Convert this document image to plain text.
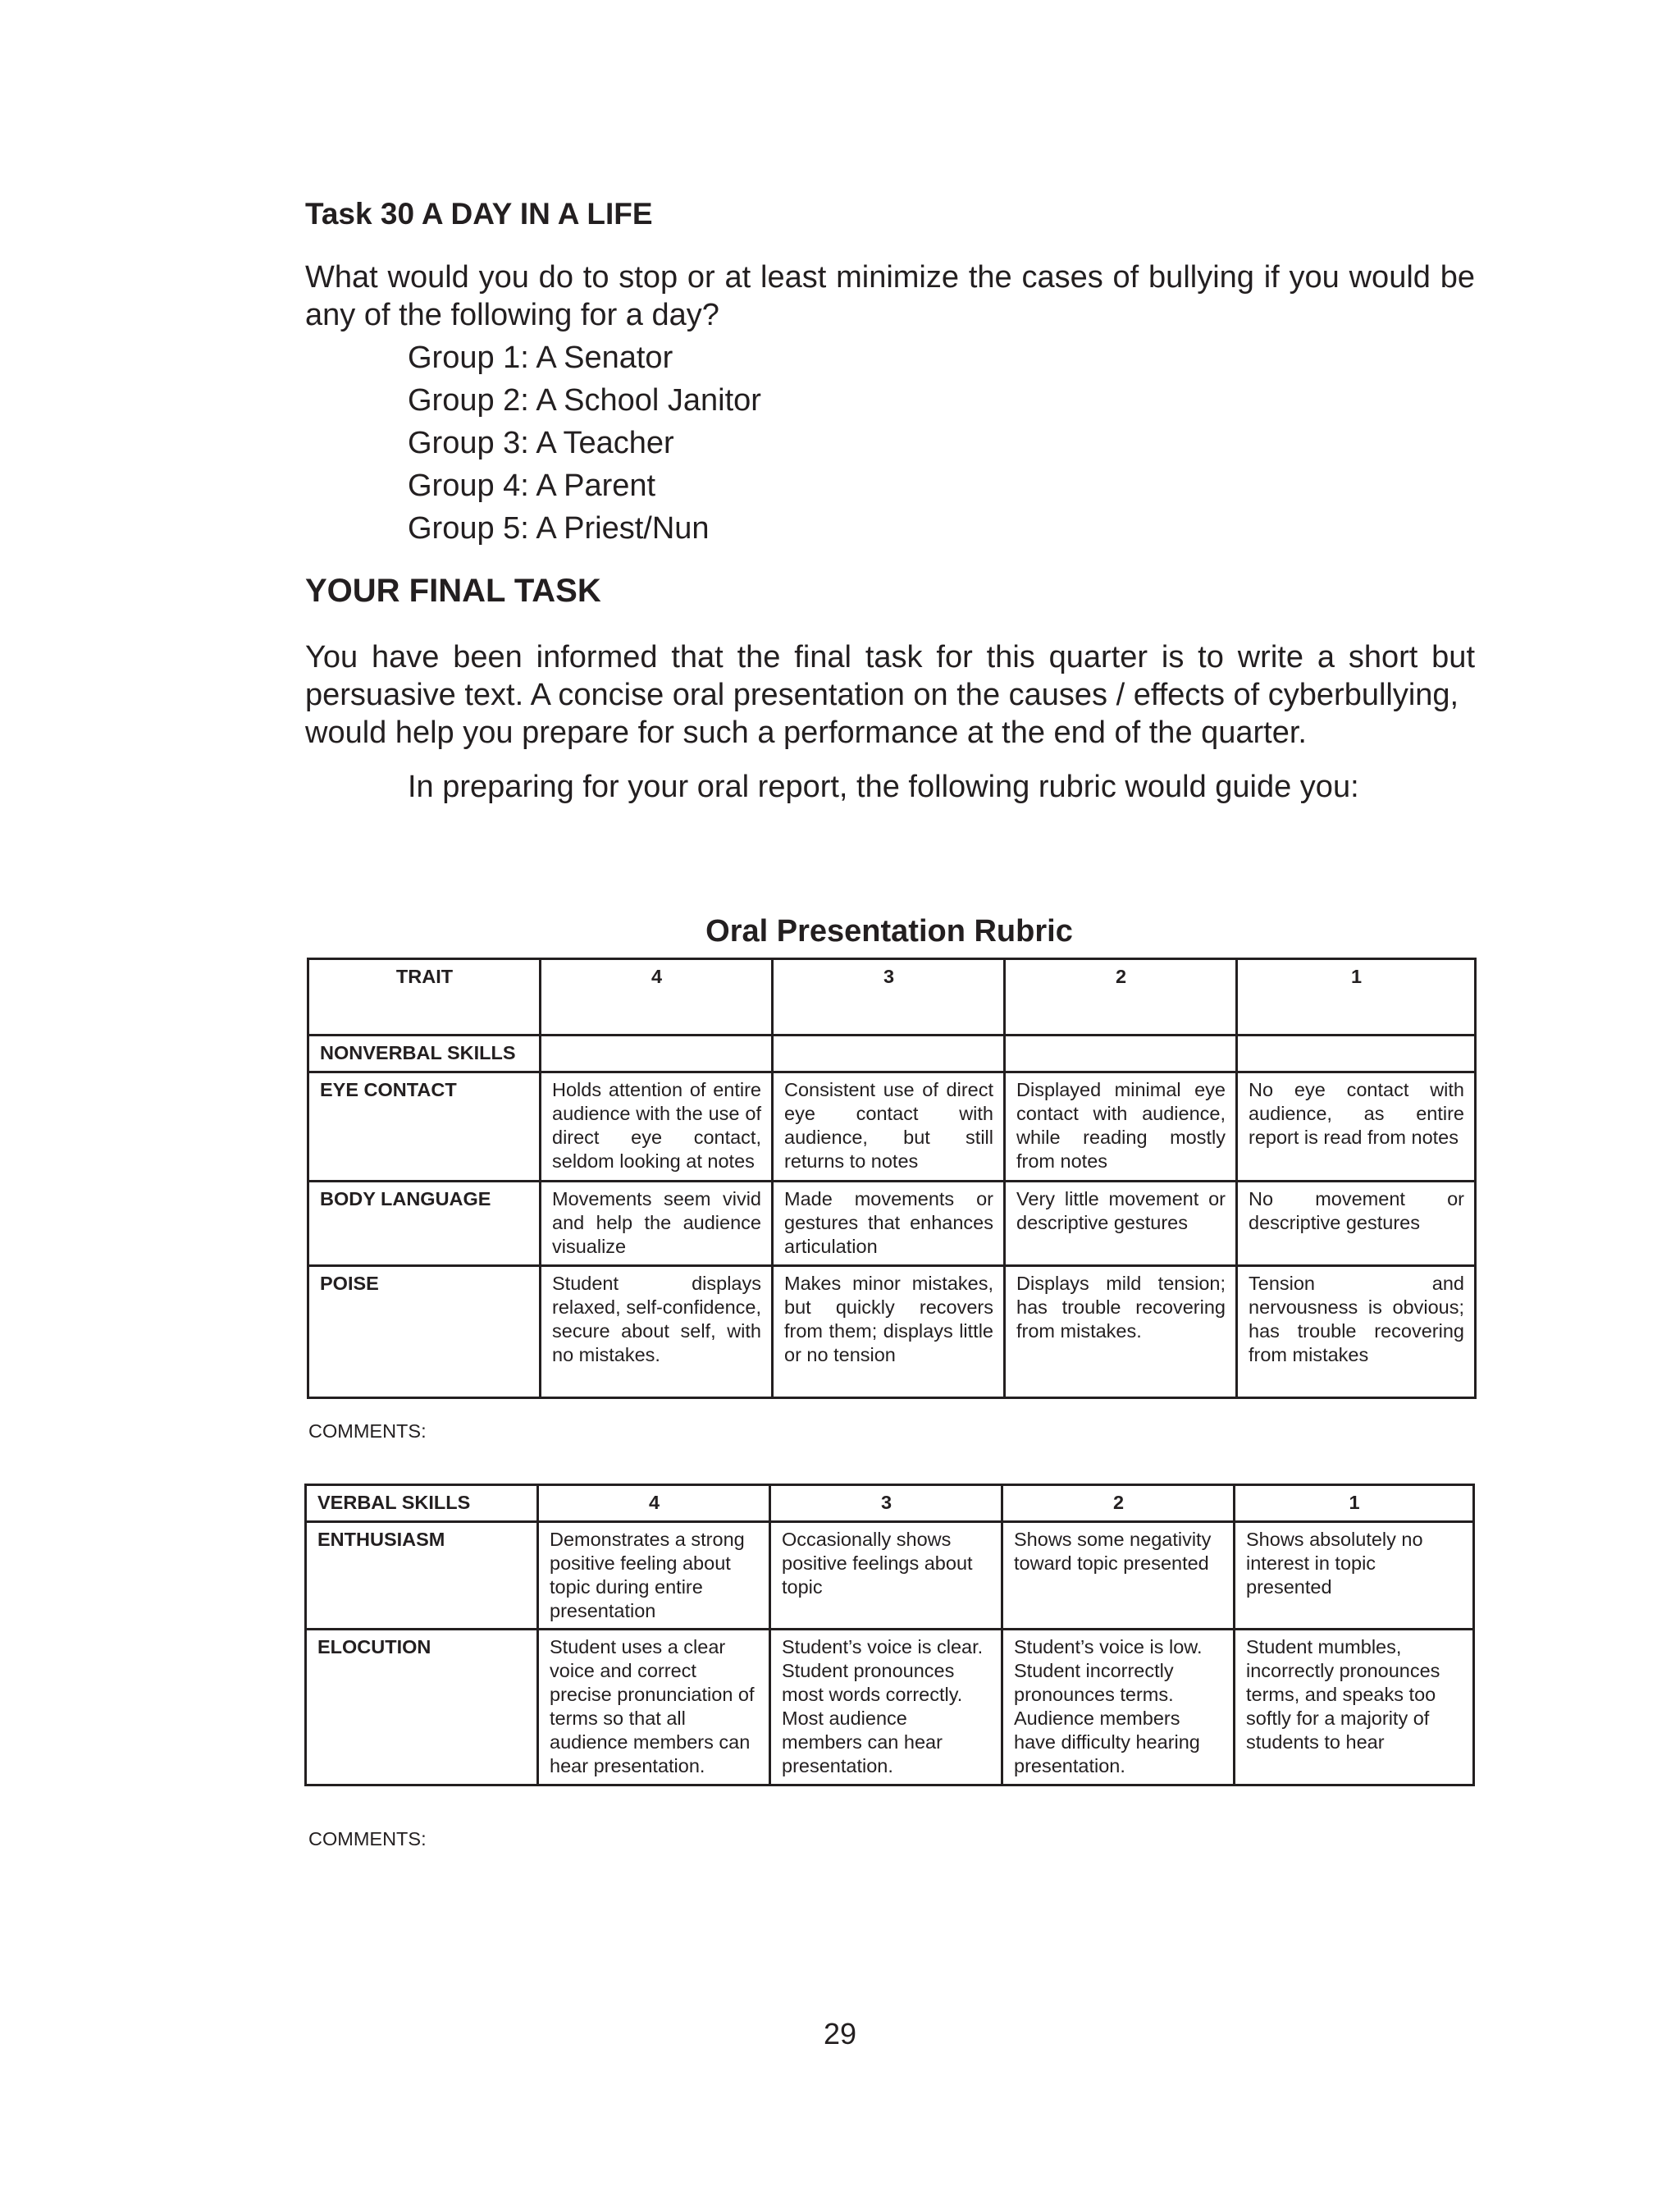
Task 30 A DAY IN A LIFE

What would you do to stop or at least minimize the cases of bullying if you would be any of the following for a day?

Group 1: A Senator
Group 2: A School Janitor
Group 3: A Teacher
Group 4: A Parent
Group 5: A Priest/Nun
YOUR FINAL TASK

You have been informed that the final task for this quarter is to write a short but persuasive text. A concise oral presentation on the causes / effects of cyberbullying,
would help you prepare for such a performance at the end of the quarter.

In preparing for your oral report, the following rubric would guide you:

Oral Presentation Rubric
TRAIT	4	3	2	1
NONVERBAL SKILLS				
EYE CONTACT	Holds attention of entire audience with the use of direct eye contact, seldom looking at notes	Consistent use of direct eye contact with audience, but still returns to notes	Displayed minimal eye contact with audience, while reading mostly from notes	No eye contact with audience, as entire report is read from notes
BODY LANGUAGE	Movements seem vivid and help the audience visualize	Made movements or gestures that enhances articulation	Very little movement or descriptive gestures	No movement or descriptive gestures
POISE	Student displays relaxed, self-confidence, secure about self, with no mistakes.	Makes minor mistakes, but quickly recovers from them; displays little or no tension	Displays mild tension; has trouble recovering from mistakes.	Tension and nervousness is obvious; has trouble recovering from mistakes

COMMENTS:

VERBAL SKILLS	4	3	2	1
ENTHUSIASM	Demonstrates a strong positive feeling about topic during entire presentation	Occasionally shows positive feelings about topic	Shows some negativity toward topic presented	Shows absolutely no interest in topic presented
ELOCUTION	Student uses a clear voice and correct precise pronunciation of terms so that all audience members can hear presentation.	Student’s voice is clear. Student pronounces most words correctly. Most audience members can hear presentation.	Student’s voice is low. Student incorrectly pronounces terms. Audience members have difficulty hearing presentation.	Student mumbles, incorrectly pronounces terms, and speaks too softly for a majority of students to hear

COMMENTS:

29
